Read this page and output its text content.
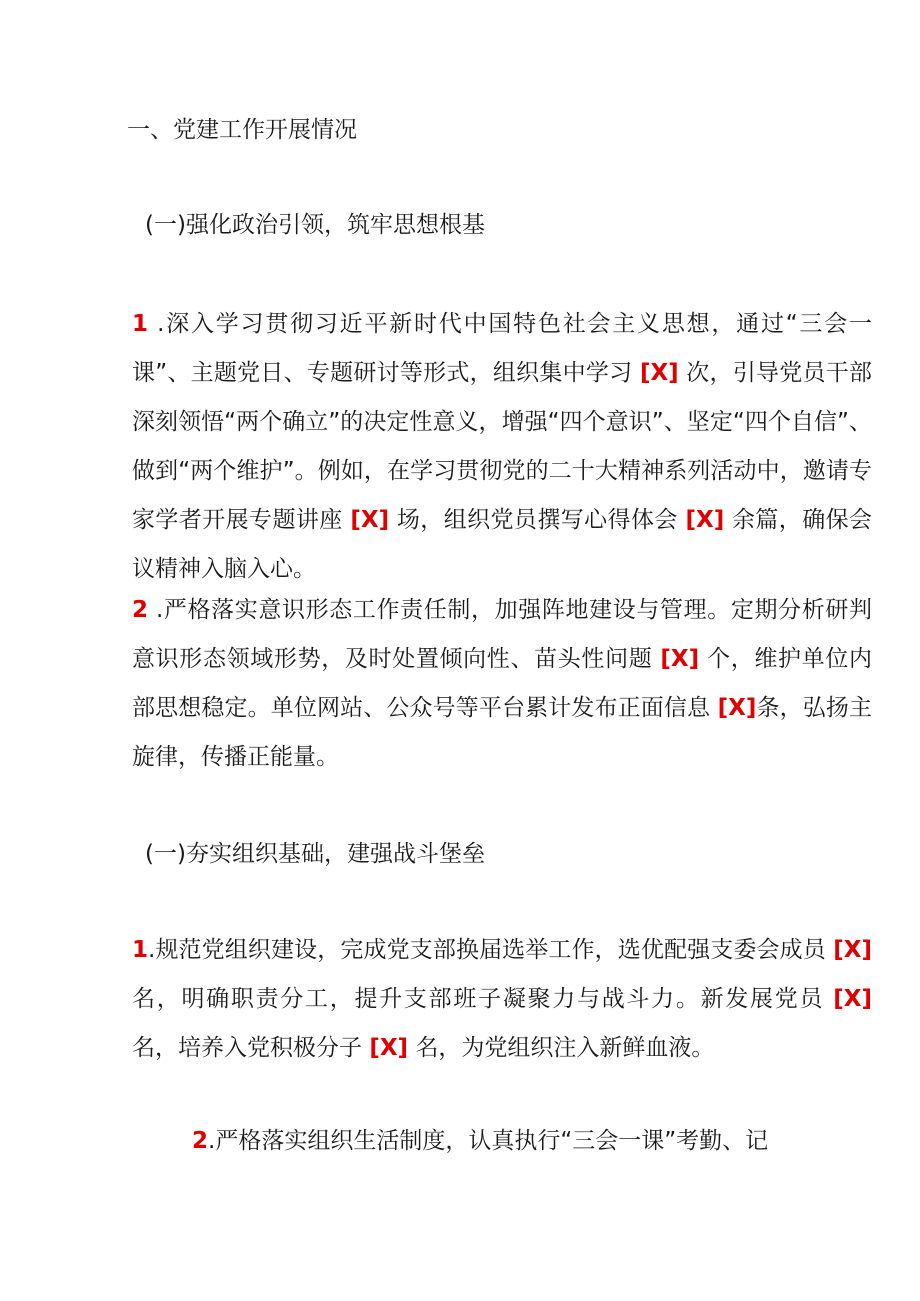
一、党建工作开展情况
(一)强化政治引领，筑牢思想根基

1 .深入学习贯彻习近平新时代中国特色社会主义思想，通过“三会一课”、主题党日、专题研讨等形式，组织集中学习 [X] 次，引导党员干部深刻领悟“两个确立”的决定性意义，增强“四个意识”、坚定“四个自信”、做到“两个维护”。例如，在学习贯彻党的二十大精神系列活动中，邀请专家学者开展专题讲座 [X] 场，组织党员撰写心得体会 [X] 余篇，确保会议精神入脑入心。

2 .严格落实意识形态工作责任制，加强阵地建设与管理。定期分析研判意识形态领域形势，及时处置倾向性、苗头性问题 [X] 个，维护单位内部思想稳定。单位网站、公众号等平台累计发布正面信息 [X]条，弘扬主旋律，传播正能量。

(一)夯实组织基础，建强战斗堡垒

1.规范党组织建设，完成党支部换届选举工作，选优配强支委会成员 [X] 名，明确职责分工，提升支部班子凝聚力与战斗力。新发展党员 [X] 名，培养入党积极分子 [X] 名，为党组织注入新鲜血液。

2.严格落实组织生活制度，认真执行“三会一课”考勤、记
